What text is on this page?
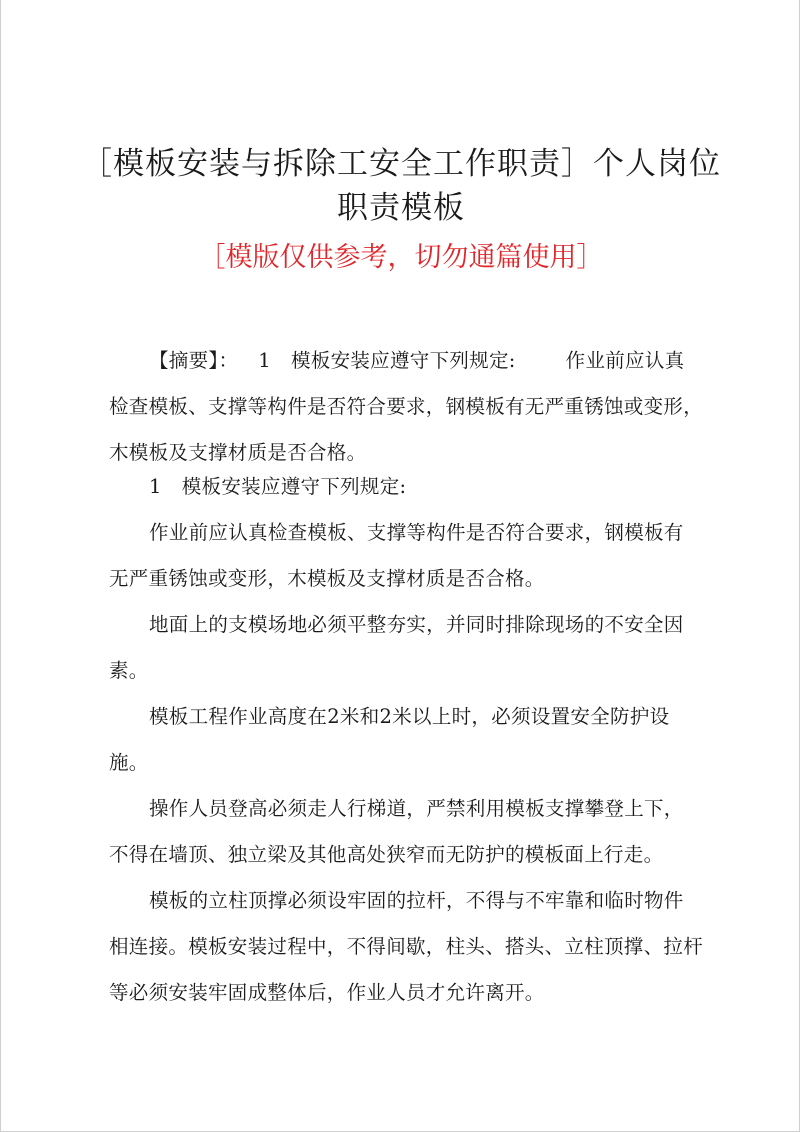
［模板安装与拆除工安全工作职责］个人岗位
职责模板
［模版仅供参考，切勿通篇使用］

【摘要】： 1 模板安装应遵守下列规定:	作业前应认真检查模板、支撑等构件是否符合要求，钢模板有无严重锈蚀或变形，木模板及支撑材质是否合格。

1 模板安装应遵守下列规定:

作业前应认真检查模板、支撑等构件是否符合要求，钢模板有无严重锈蚀或变形，木模板及支撑材质是否合格。

地面上的支模场地必须平整夯实，并同时排除现场的不安全因素。

模板工程作业高度在2米和2米以上时，必须设置安全防护设施。

操作人员登高必须走人行梯道，严禁利用模板支撑攀登上下，不得在墙顶、独立梁及其他高处狭窄而无防护的模板面上行走。

模板的立柱顶撑必须设牢固的拉杆，不得与不牢靠和临时物件相连接。模板安装过程中，不得间歇，柱头、搭头、立柱顶撑、拉杆等必须安装牢固成整体后，作业人员才允许离开。
